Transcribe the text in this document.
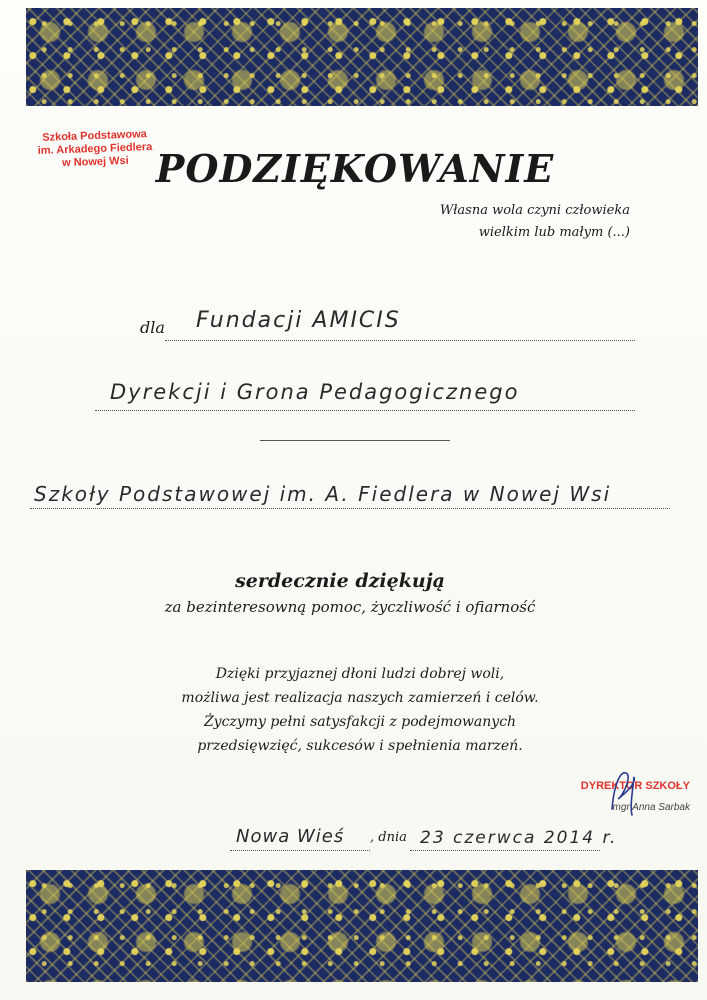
Szkoła Podstawowa
im. Arkadego Fiedlera
w Nowej Wsi PODZIĘKOWANIE
Własna wola czyni człowieka
wielkim lub małym (...)
dla Fundacji AMICIS
Dyrekcji i Grona Pedagogicznego
Szkoły Podstawowej im. A. Fiedlera w Nowej Wsi
serdecznie dziękują
za bezinteresowną pomoc, życzliwość i ofiarność
Dzięki przyjaznej dłoni ludzi dobrej woli,
możliwa jest realizacja naszych zamierzeń i celów.
Życzymy pełni satysfakcji z podejmowanych
przedsięwzięć, sukcesów i spełnienia marzeń.
DYREKTOR SZKOŁY
mgr Anna Sarbak
Nowa Wieś , dnia 23 czerwca 2014 r.
